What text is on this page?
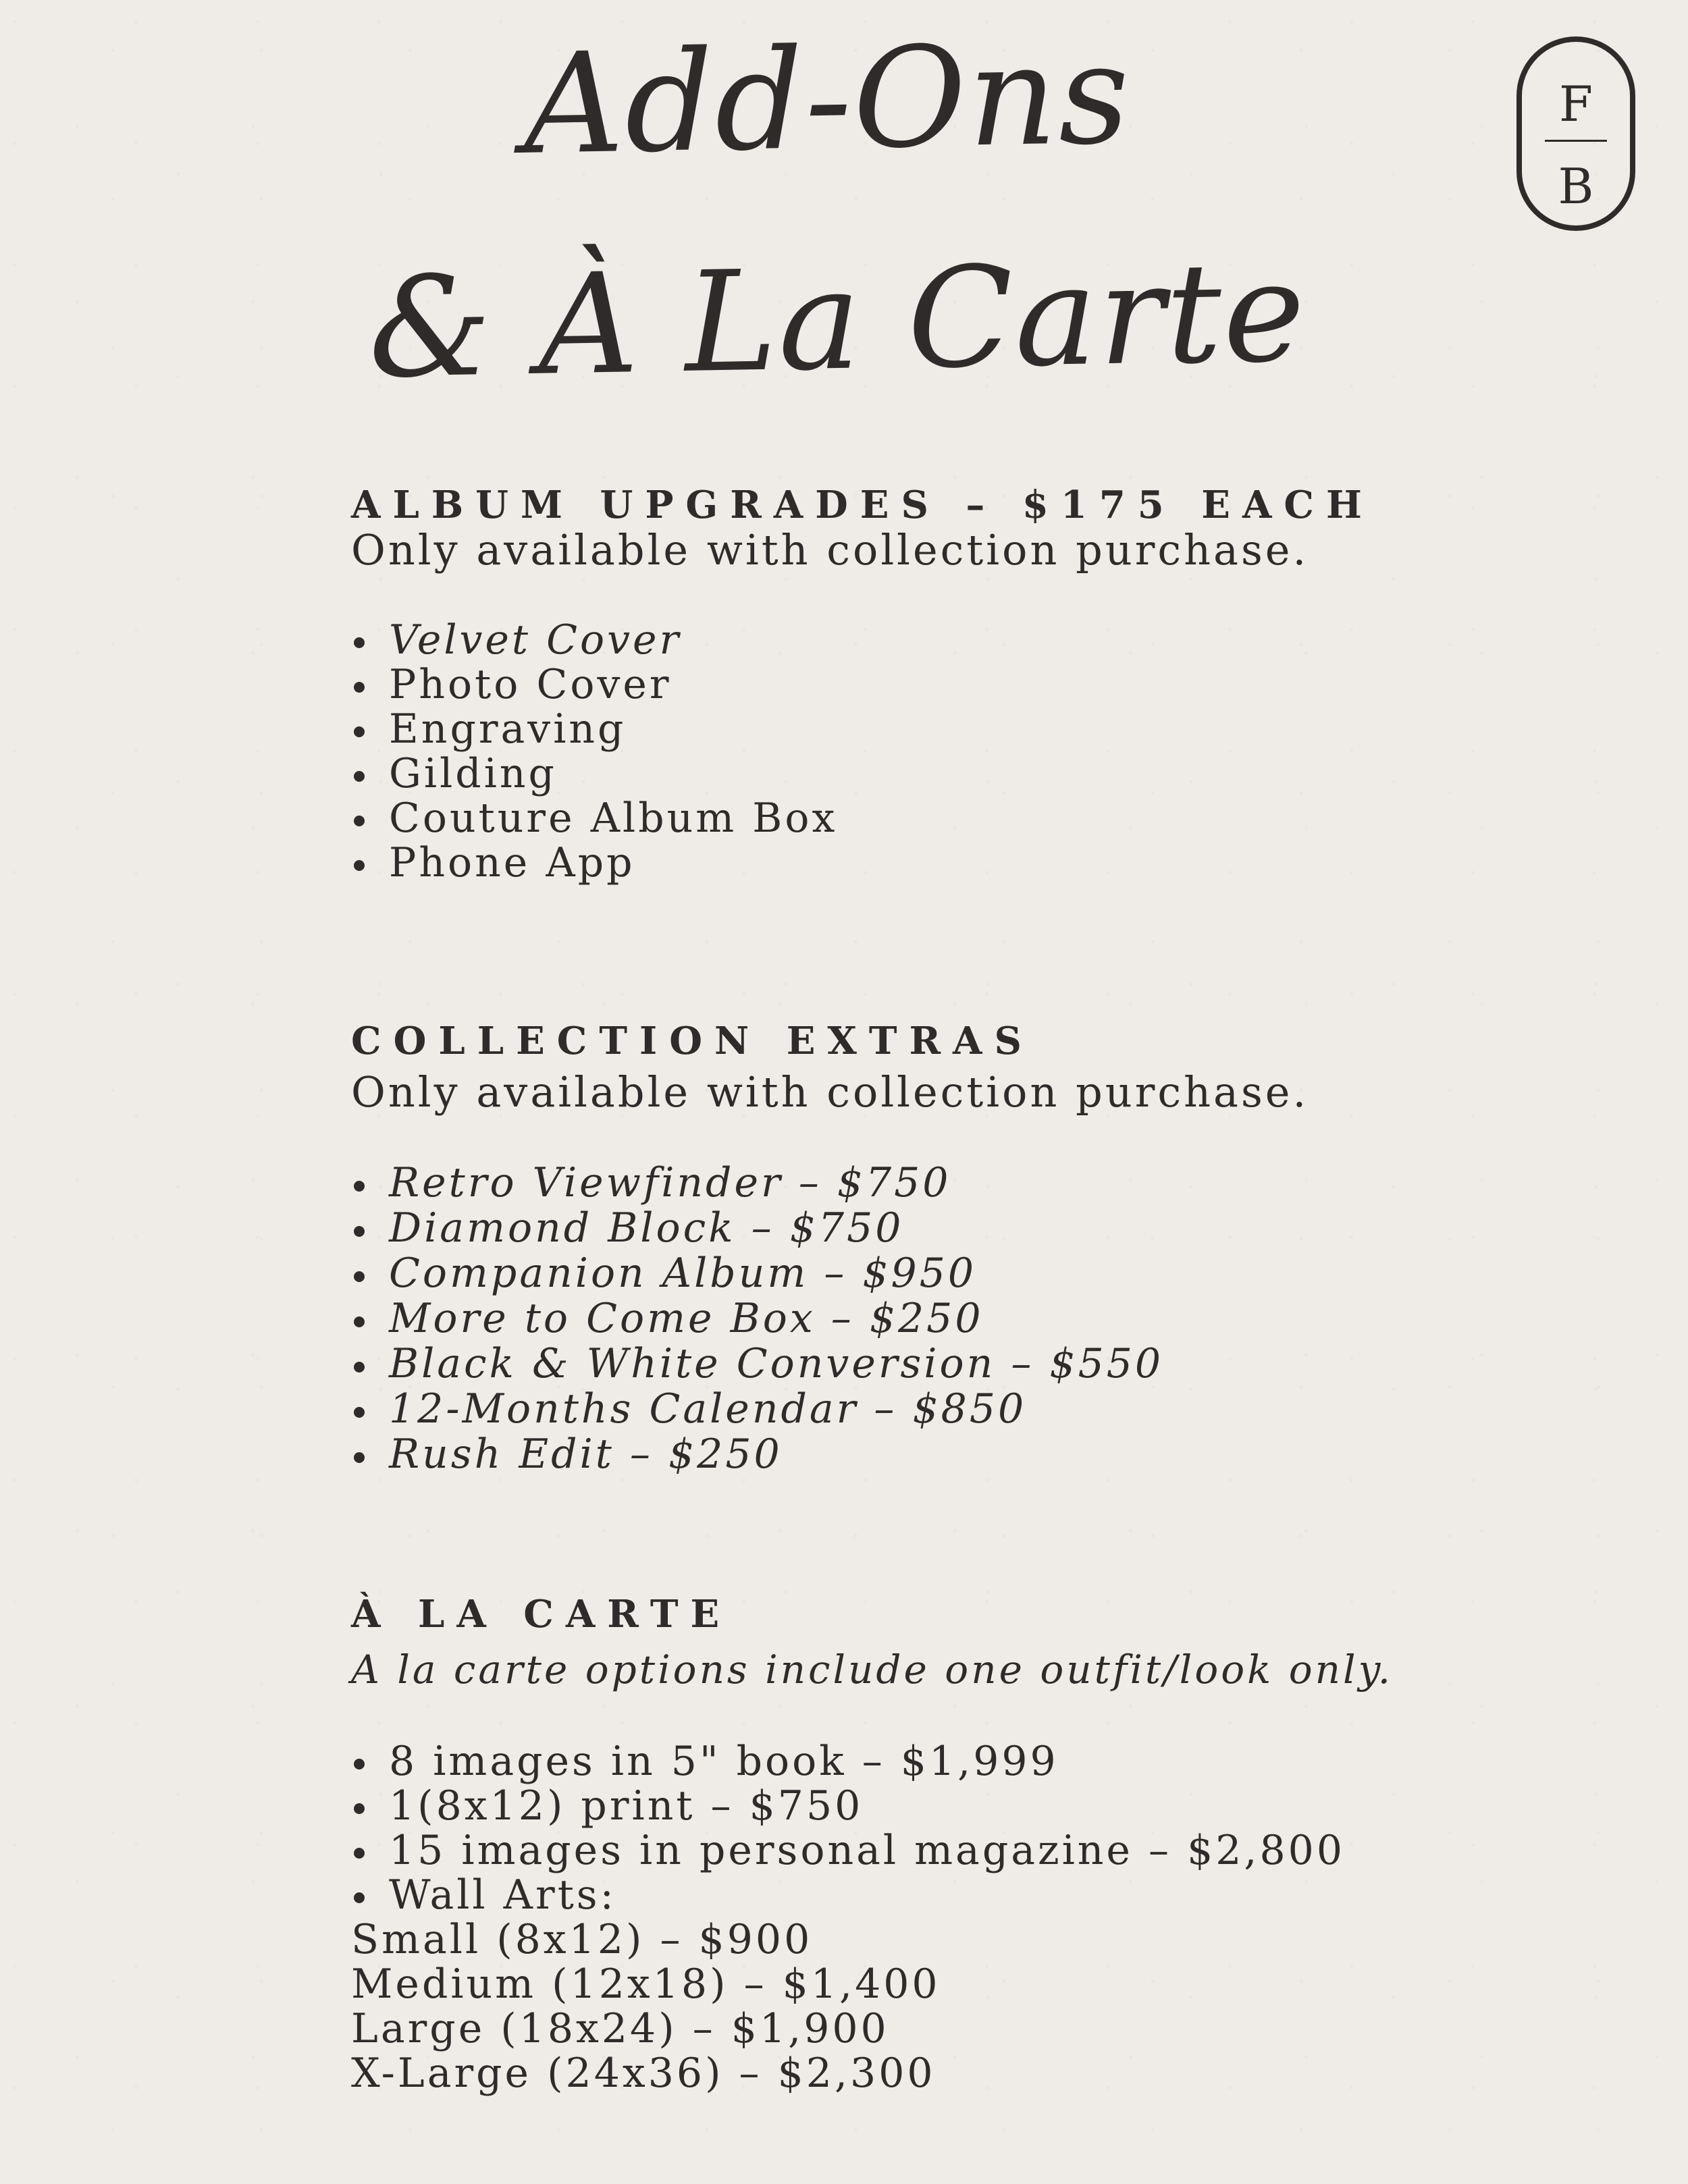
Add-Ons
& À La Carte
F
B
ALBUM UPGRADES – $175 EACH
Only available with collection purchase.
Velvet Cover
Photo Cover
Engraving
Gilding
Couture Album Box
Phone App
COLLECTION EXTRAS
Only available with collection purchase.
Retro Viewfinder – $750
Diamond Block – $750
Companion Album – $950
More to Come Box – $250
Black & White Conversion – $550
12-Months Calendar – $850
Rush Edit – $250
À LA CARTE
A la carte options include one outfit/look only.
8 images in 5" book – $1,999
1(8x12) print – $750
15 images in personal magazine – $2,800
Wall Arts:
Small (8x12) – $900
Medium (12x18) – $1,400
Large (18x24) – $1,900
X-Large (24x36) – $2,300
